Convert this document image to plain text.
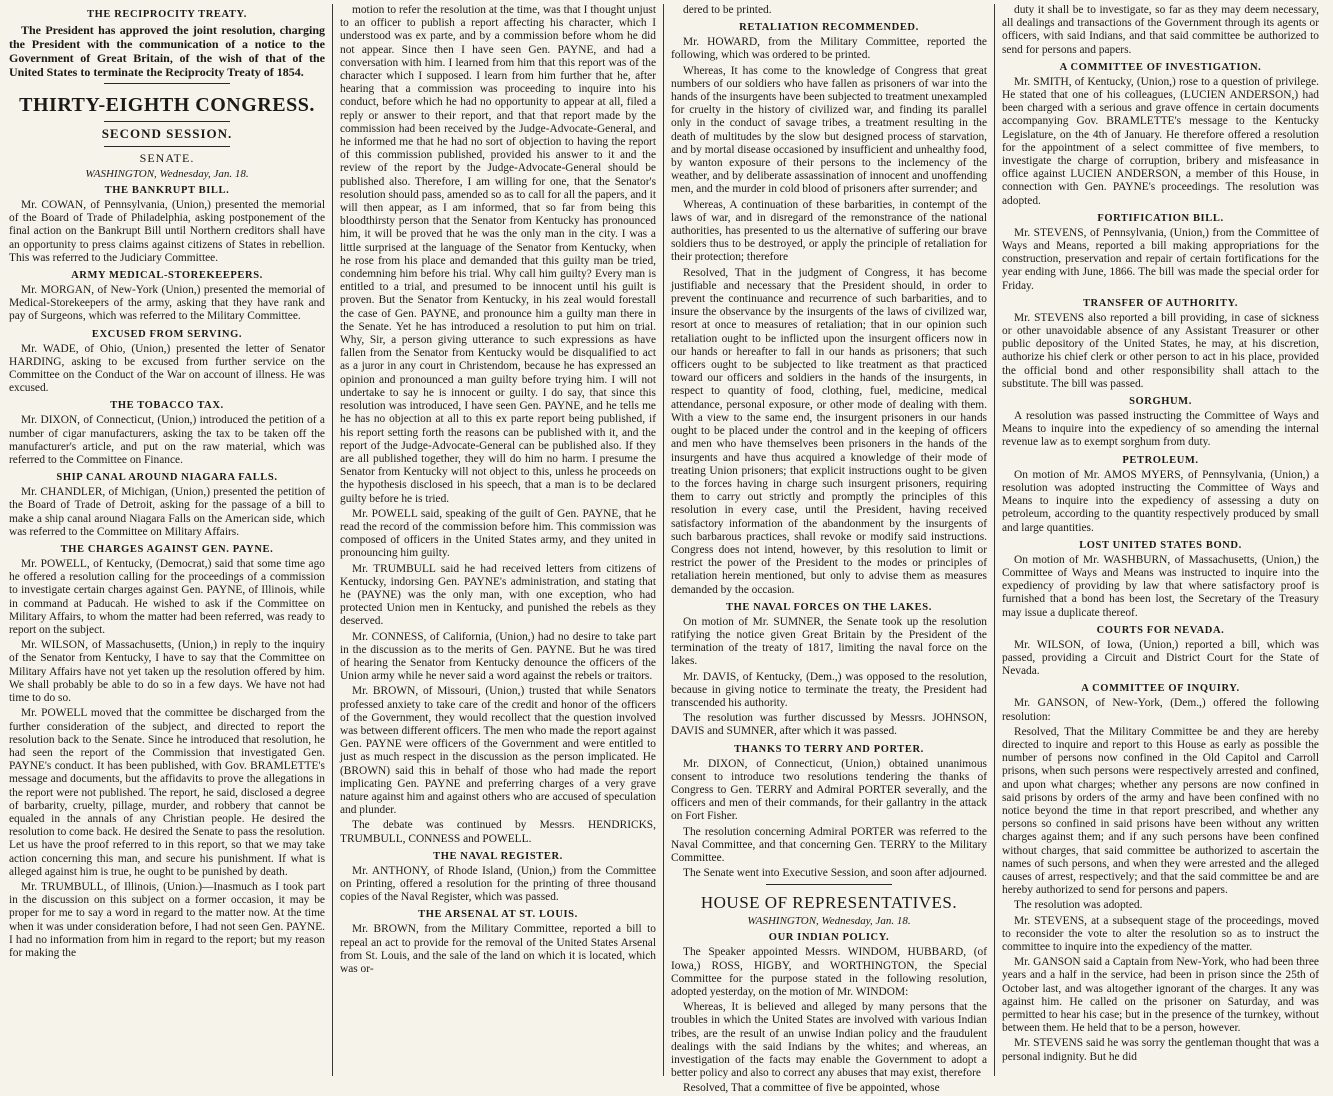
THE RECIPROCITY TREATY.

The President has approved the joint resolution, charging the President with the communication of a notice to the Government of Great Britain, of the wish of that of the United States to terminate the Reciprocity Treaty of 1854.

THIRTY-EIGHTH CONGRESS.
SECOND SESSION.
SENATE.
WASHINGTON, Wednesday, Jan. 18.
THE BANKRUPT BILL.

Mr. COWAN, of Pennsylvania, (Union,) presented the memorial of the Board of Trade of Philadelphia, asking postponement of the final action on the Bankrupt Bill until Northern creditors shall have an opportunity to press claims against citizens of States in rebellion. This was referred to the Judiciary Committee.

ARMY MEDICAL-STOREKEEPERS.

Mr. MORGAN, of New-York (Union,) presented the memorial of Medical-Storekeepers of the army, asking that they have rank and pay of Surgeons, which was referred to the Military Committee.

EXCUSED FROM SERVING.

Mr. WADE, of Ohio, (Union,) presented the letter of Senator HARDING, asking to be excused from further service on the Committee on the Conduct of the War on account of illness. He was excused.

THE TOBACCO TAX.

Mr. DIXON, of Connecticut, (Union,) introduced the petition of a number of cigar manufacturers, asking the tax to be taken off the manufacturer's article, and put on the raw material, which was referred to the Committee on Finance.

SHIP CANAL AROUND NIAGARA FALLS.

Mr. CHANDLER, of Michigan, (Union,) presented the petition of the Board of Trade of Detroit, asking for the passage of a bill to make a ship canal around Niagara Falls on the American side, which was referred to the Committee on Military Affairs.

THE CHARGES AGAINST GEN. PAYNE.

Mr. POWELL, of Kentucky, (Democrat,) said that some time ago he offered a resolution calling for the proceedings of a commission to investigate certain charges against Gen. PAYNE, of Illinois, while in command at Paducah. He wished to ask if the Committee on Military Affairs, to whom the matter had been referred, was ready to report on the subject.

Mr. WILSON, of Massachusetts, (Union,) in reply to the inquiry of the Senator from Kentucky, I have to say that the Committee on Military Affairs have not yet taken up the resolution offered by him. We shall probably be able to do so in a few days. We have not had time to do so.

Mr. POWELL moved that the committee be discharged from the further consideration of the subject, and directed to report the resolution back to the Senate. Since he introduced that resolution, he had seen the report of the Commission that investigated Gen. PAYNE's conduct. It has been published, with Gov. BRAMLETTE's message and documents, but the affidavits to prove the allegations in the report were not published. The report, he said, disclosed a degree of barbarity, cruelty, pillage, murder, and robbery that cannot be equaled in the annals of any Christian people. He desired the resolution to come back. He desired the Senate to pass the resolution. Let us have the proof referred to in this report, so that we may take action concerning this man, and secure his punishment. If what is alleged against him is true, he ought to be punished by death.

Mr. TRUMBULL, of Illinois, (Union.)—Inasmuch as I took part in the discussion on this subject on a former occasion, it may be proper for me to say a word in regard to the matter now. At the time when it was under consideration before, I had not seen Gen. PAYNE. I had no information from him in regard to the report; but my reason for making the

motion to refer the resolution at the time, was that I thought unjust to an officer to publish a report affecting his character, which I understood was ex parte, and by a commission before whom he did not appear. Since then I have seen Gen. PAYNE, and had a conversation with him. I learned from him that this report was of the character which I supposed. I learn from him further that he, after hearing that a commission was proceeding to inquire into his conduct, before which he had no opportunity to appear at all, filed a reply or answer to their report, and that that report made by the commission had been received by the Judge-Advocate-General, and he informed me that he had no sort of objection to having the report of this commission published, provided his answer to it and the review of the report by the Judge-Advocate-General should be published also. Therefore, I am willing for one, that the Senator's resolution should pass, amended so as to call for all the papers, and it will then appear, as I am informed, that so far from being this bloodthirsty person that the Senator from Kentucky has pronounced him, it will be proved that he was the only man in the city. I was a little surprised at the language of the Senator from Kentucky, when he rose from his place and demanded that this guilty man be tried, condemning him before his trial. Why call him guilty? Every man is entitled to a trial, and presumed to be innocent until his guilt is proven. But the Senator from Kentucky, in his zeal would forestall the case of Gen. PAYNE, and pronounce him a guilty man there in the Senate. Yet he has introduced a resolution to put him on trial. Why, Sir, a person giving utterance to such expressions as have fallen from the Senator from Kentucky would be disqualified to act as a juror in any court in Christendom, because he has expressed an opinion and pronounced a man guilty before trying him. I will not undertake to say he is innocent or guilty. I do say, that since this resolution was introduced, I have seen Gen. PAYNE, and he tells me he has no objection at all to this ex parte report being published, if his report setting forth the reasons can be published with it, and the report of the Judge-Advocate-General can be published also. If they are all published together, they will do him no harm. I presume the Senator from Kentucky will not object to this, unless he proceeds on the hypothesis disclosed in his speech, that a man is to be declared guilty before he is tried.

Mr. POWELL said, speaking of the guilt of Gen. PAYNE, that he read the record of the commission before him. This commission was composed of officers in the United States army, and they united in pronouncing him guilty.

Mr. TRUMBULL said he had received letters from citizens of Kentucky, indorsing Gen. PAYNE's administration, and stating that he (PAYNE) was the only man, with one exception, who had protected Union men in Kentucky, and punished the rebels as they deserved.

Mr. CONNESS, of California, (Union,) had no desire to take part in the discussion as to the merits of Gen. PAYNE. But he was tired of hearing the Senator from Kentucky denounce the officers of the Union army while he never said a word against the rebels or traitors.

Mr. BROWN, of Missouri, (Union,) trusted that while Senators professed anxiety to take care of the credit and honor of the officers of the Government, they would recollect that the question involved was between different officers. The men who made the report against Gen. PAYNE were officers of the Government and were entitled to just as much respect in the discussion as the person implicated. He (BROWN) said this in behalf of those who had made the report implicating Gen. PAYNE and preferring charges of a very grave nature against him and against others who are accused of speculation and plunder.

The debate was continued by Messrs. HENDRICKS, TRUMBULL, CONNESS and POWELL.

THE NAVAL REGISTER.

Mr. ANTHONY, of Rhode Island, (Union,) from the Committee on Printing, offered a resolution for the printing of three thousand copies of the Naval Register, which was passed.

THE ARSENAL AT ST. LOUIS.

Mr. BROWN, from the Military Committee, reported a bill to repeal an act to provide for the removal of the United States Arsenal from St. Louis, and the sale of the land on which it is located, which was or-

dered to be printed.

RETALIATION RECOMMENDED.

Mr. HOWARD, from the Military Committee, reported the following, which was ordered to be printed.

Whereas, It has come to the knowledge of Congress that great numbers of our soldiers who have fallen as prisoners of war into the hands of the insurgents have been subjected to treatment unexampled for cruelty in the history of civilized war, and finding its parallel only in the conduct of savage tribes, a treatment resulting in the death of multitudes by the slow but designed process of starvation, and by mortal disease occasioned by insufficient and unhealthy food, by wanton exposure of their persons to the inclemency of the weather, and by deliberate assassination of innocent and unoffending men, and the murder in cold blood of prisoners after surrender; and

Whereas, A continuation of these barbarities, in contempt of the laws of war, and in disregard of the remonstrance of the national authorities, has presented to us the alternative of suffering our brave soldiers thus to be destroyed, or apply the principle of retaliation for their protection; therefore

Resolved, That in the judgment of Congress, it has become justifiable and necessary that the President should, in order to prevent the continuance and recurrence of such barbarities, and to insure the observance by the insurgents of the laws of civilized war, resort at once to measures of retaliation; that in our opinion such retaliation ought to be inflicted upon the insurgent officers now in our hands or hereafter to fall in our hands as prisoners; that such officers ought to be subjected to like treatment as that practiced toward our officers and soldiers in the hands of the insurgents, in respect to quantity of food, clothing, fuel, medicine, medical attendance, personal exposure, or other mode of dealing with them. With a view to the same end, the insurgent prisoners in our hands ought to be placed under the control and in the keeping of officers and men who have themselves been prisoners in the hands of the insurgents and have thus acquired a knowledge of their mode of treating Union prisoners; that explicit instructions ought to be given to the forces having in charge such insurgent prisoners, requiring them to carry out strictly and promptly the principles of this resolution in every case, until the President, having received satisfactory information of the abandonment by the insurgents of such barbarous practices, shall revoke or modify said instructions. Congress does not intend, however, by this resolution to limit or restrict the power of the President to the modes or principles of retaliation herein mentioned, but only to advise them as measures demanded by the occasion.

THE NAVAL FORCES ON THE LAKES.

On motion of Mr. SUMNER, the Senate took up the resolution ratifying the notice given Great Britain by the President of the termination of the treaty of 1817, limiting the naval force on the lakes.

Mr. DAVIS, of Kentucky, (Dem.,) was opposed to the resolution, because in giving notice to terminate the treaty, the President had transcended his authority.

The resolution was further discussed by Messrs. JOHNSON, DAVIS and SUMNER, after which it was passed.

THANKS TO TERRY AND PORTER.

Mr. DIXON, of Connecticut, (Union,) obtained unanimous consent to introduce two resolutions tendering the thanks of Congress to Gen. TERRY and Admiral PORTER severally, and the officers and men of their commands, for their gallantry in the attack on Fort Fisher.

The resolution concerning Admiral PORTER was referred to the Naval Committee, and that concerning Gen. TERRY to the Military Committee.

The Senate went into Executive Session, and soon after adjourned.

HOUSE OF REPRESENTATIVES.
WASHINGTON, Wednesday, Jan. 18.
OUR INDIAN POLICY.

The Speaker appointed Messrs. WINDOM, HUBBARD, (of Iowa,) ROSS, HIGBY, and WORTHINGTON, the Special Committee for the purpose stated in the following resolution, adopted yesterday, on the motion of Mr. WINDOM:

Whereas, It is believed and alleged by many persons that the troubles in which the United States are involved with various Indian tribes, are the result of an unwise Indian policy and the fraudulent dealings with the said Indians by the whites; and whereas, an investigation of the facts may enable the Government to adopt a better policy and also to correct any abuses that may exist, therefore

Resolved, That a committee of five be appointed, whose

duty it shall be to investigate, so far as they may deem necessary, all dealings and transactions of the Government through its agents or officers, with said Indians, and that said committee be authorized to send for persons and papers.

A COMMITTEE OF INVESTIGATION.

Mr. SMITH, of Kentucky, (Union,) rose to a question of privilege. He stated that one of his colleagues, (LUCIEN ANDERSON,) had been charged with a serious and grave offence in certain documents accompanying Gov. BRAMLETTE's message to the Kentucky Legislature, on the 4th of January. He therefore offered a resolution for the appointment of a select committee of five members, to investigate the charge of corruption, bribery and misfeasance in office against LUCIEN ANDERSON, a member of this House, in connection with Gen. PAYNE's proceedings. The resolution was adopted.

FORTIFICATION BILL.

Mr. STEVENS, of Pennsylvania, (Union,) from the Committee of Ways and Means, reported a bill making appropriations for the construction, preservation and repair of certain fortifications for the year ending with June, 1866. The bill was made the special order for Friday.

TRANSFER OF AUTHORITY.

Mr. STEVENS also reported a bill providing, in case of sickness or other unavoidable absence of any Assistant Treasurer or other public depository of the United States, he may, at his discretion, authorize his chief clerk or other person to act in his place, provided the official bond and other responsibility shall attach to the substitute. The bill was passed.

SORGHUM.

A resolution was passed instructing the Committee of Ways and Means to inquire into the expediency of so amending the internal revenue law as to exempt sorghum from duty.

PETROLEUM.

On motion of Mr. AMOS MYERS, of Pennsylvania, (Union,) a resolution was adopted instructing the Committee of Ways and Means to inquire into the expediency of assessing a duty on petroleum, according to the quantity respectively produced by small and large quantities.

LOST UNITED STATES BOND.

On motion of Mr. WASHBURN, of Massachusetts, (Union,) the Committee of Ways and Means was instructed to inquire into the expediency of providing by law that where satisfactory proof is furnished that a bond has been lost, the Secretary of the Treasury may issue a duplicate thereof.

COURTS FOR NEVADA.

Mr. WILSON, of Iowa, (Union,) reported a bill, which was passed, providing a Circuit and District Court for the State of Nevada.

A COMMITTEE OF INQUIRY.

Mr. GANSON, of New-York, (Dem.,) offered the following resolution:

Resolved, That the Military Committee be and they are hereby directed to inquire and report to this House as early as possible the number of persons now confined in the Old Capitol and Carroll prisons, when such persons were respectively arrested and confined, and upon what charges; whether any persons are now confined in said prisons by orders of the army and have been confined with no notice beyond the time in that report prescribed, and whether any persons so confined in said prisons have been without any written charges against them; and if any such persons have been confined without charges, that said committee be authorized to ascertain the names of such persons, and when they were arrested and the alleged causes of arrest, respectively; and that the said committee be and are hereby authorized to send for persons and papers.

The resolution was adopted.

Mr. STEVENS, at a subsequent stage of the proceedings, moved to reconsider the vote to alter the resolution so as to instruct the committee to inquire into the expediency of the matter.

Mr. GANSON said a Captain from New-York, who had been three years and a half in the service, had been in prison since the 25th of October last, and was altogether ignorant of the charges. It any was against him. He called on the prisoner on Saturday, and was permitted to hear his case; but in the presence of the turnkey, without between them. He held that to be a person, however.

Mr. STEVENS said he was sorry the gentleman thought that was a personal indignity. But he did
